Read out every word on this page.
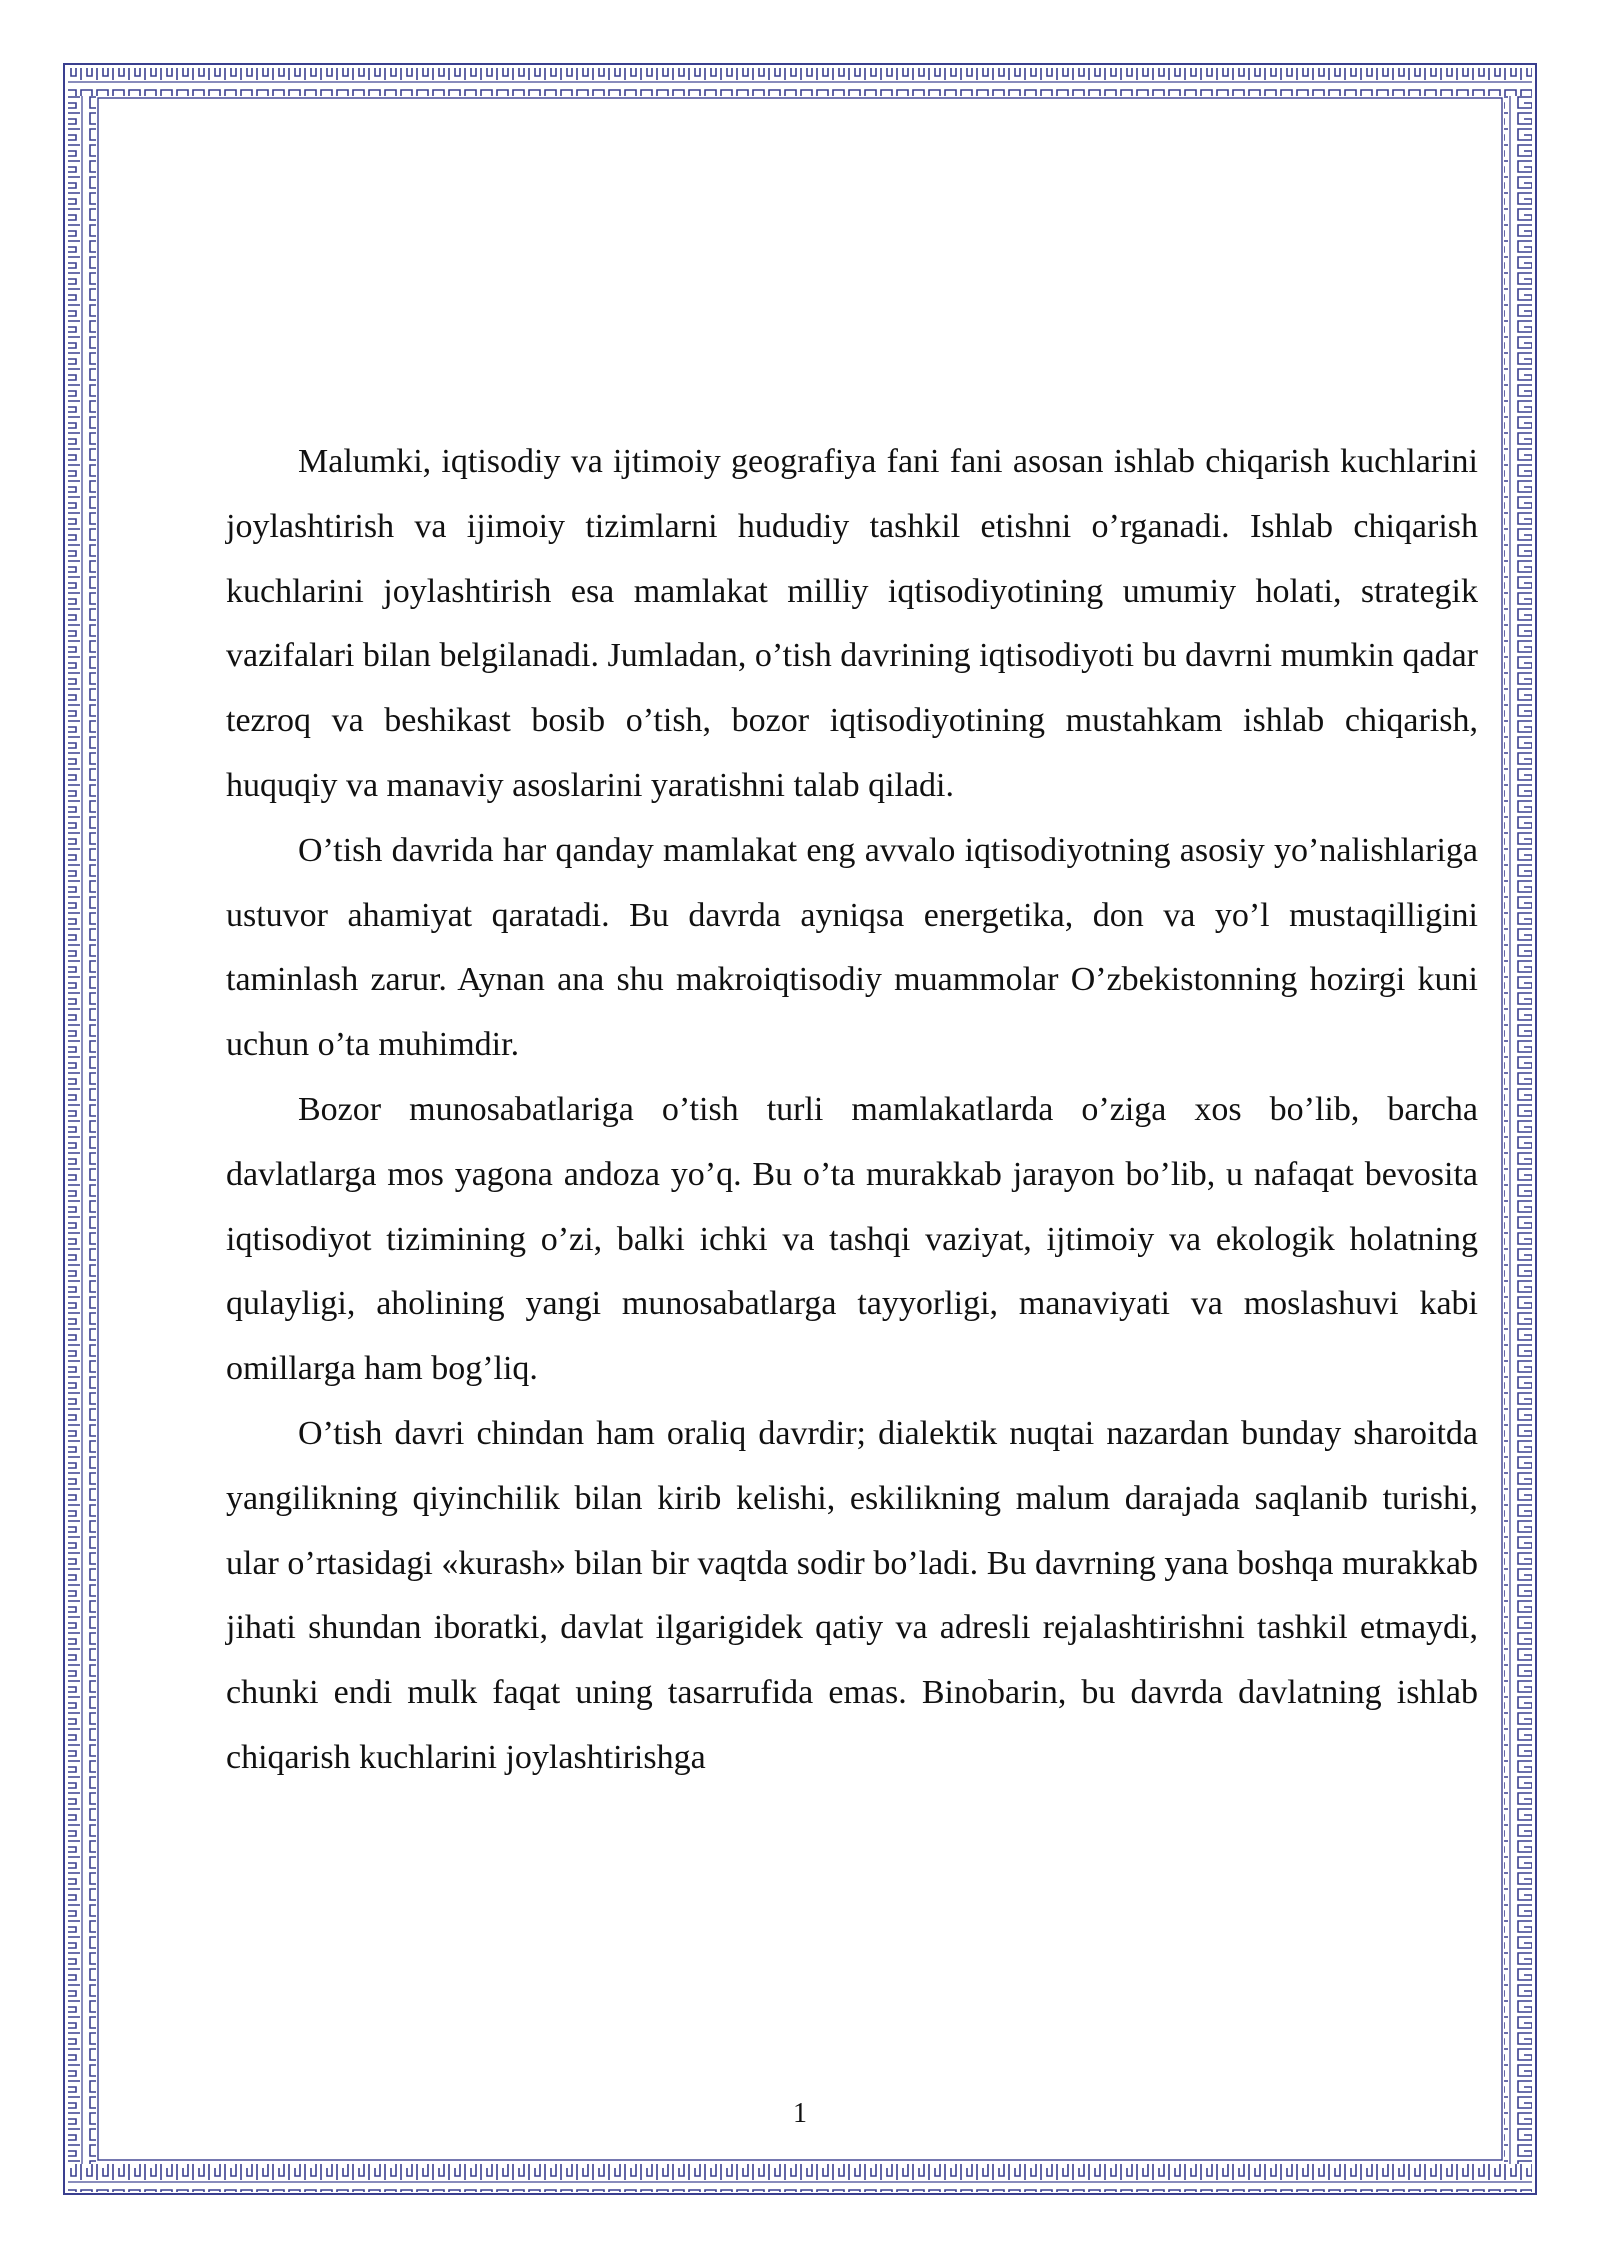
Malumki, iqtisodiy va ijtimoiy geografiya fani fani asosan ishlab chiqarish kuchlarini joylashtirish va ijimoiy tizimlarni hududiy tashkil etishni o’rganadi. Ishlab chiqarish kuchlarini joylashtirish esa mamlakat milliy iqtisodiyotining umumiy holati, strategik vazifalari bilan belgilanadi. Jumladan, o’tish davrining iqtisodiyoti bu davrni mumkin qadar tezroq va beshikast bosib o’tish, bozor iqtisodiyotining mustahkam ishlab chiqarish, huquqiy va manaviy asoslarini yaratishni talab qiladi.

O’tish davrida har qanday mamlakat eng avvalo iqtisodiyotning asosiy yo’nalishlariga ustuvor ahamiyat qaratadi. Bu davrda ayniqsa energetika, don va yo’l mustaqilligini taminlash zarur. Aynan ana shu makroiqtisodiy muammolar O’zbekistonning hozirgi kuni uchun o’ta muhimdir.

Bozor munosabatlariga o’tish turli mamlakatlarda o’ziga xos bo’lib, barcha davlatlarga mos yagona andoza yo’q. Bu o’ta murakkab jarayon bo’lib, u nafaqat bevosita iqtisodiyot tizimining o’zi, balki ichki va tashqi vaziyat, ijtimoiy va ekologik holatning qulayligi, aholining yangi munosabatlarga tayyorligi, manaviyati va moslashuvi kabi omillarga ham bog’liq.

O’tish davri chindan ham oraliq davrdir; dialektik nuqtai nazardan bunday sharoitda yangilikning qiyinchilik bilan kirib kelishi, eskilikning malum darajada saqlanib turishi, ular o’rtasidagi «kurash» bilan bir vaqtda sodir bo’ladi. Bu davrning yana boshqa murakkab jihati shundan iboratki, davlat ilgarigidek qatiy va adresli rejalashtirishni tashkil etmaydi, chunki endi mulk faqat uning tasarrufida emas. Binobarin, bu davrda davlatning ishlab chiqarish kuchlarini joylashtirishga

1
